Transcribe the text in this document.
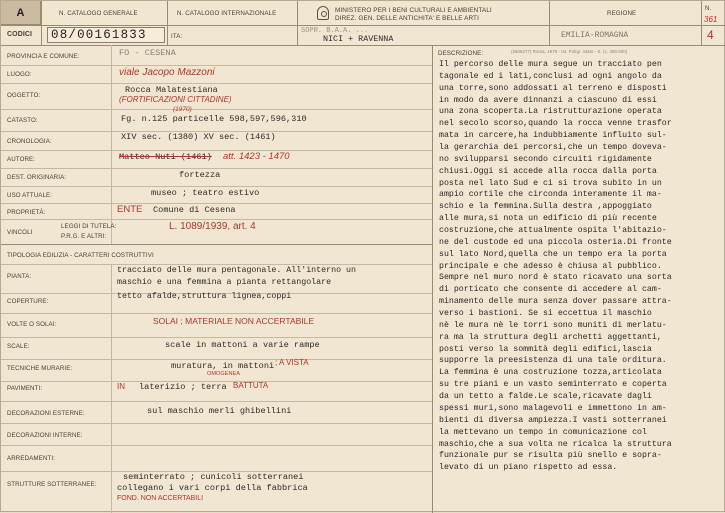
A	N. CATALOGO GENERALE	N. CATALOGO INTERNAZIONALE	MINISTERO PER I BENI CULTURALI E AMBIENTALI
DIREZ. GEN. DELLE ANTICHITA' E BELLE ARTI
REGIONE
N.
361
CODICI	08/00161833	ITA:
SOPR. B.A.A. ...
NICI + RAVENNA	EMILIA-ROMAGNA	4
PROVINCIA E COMUNE:	FO - CESENA
LUOGO:	viale Jacopo Mazzoni
OGGETTO:
Rocca Malatestiana
(FORTIFICAZIONI CITTADINE)
CATASTO:	Fg. n.125 particelle 598,597,596,310
(1970)
CRONOLOGIA:	XIV sec. (1380) XV sec. (1461)
AUTORE:	Matteo Nuti (1461) att. 1423 - 1470
DEST. ORIGINARIA:	fortezza
USO ATTUALE:	museo ; teatro estivo
PROPRIETÀ:	ENTE Comune di Cesena
VINCOLI
LEGGI DI TUTELA:
P.R.G. E ALTRI:
L. 1089/1939, art. 4
TIPOLOGIA EDILIZIA - CARATTERI COSTRUTTIVI
PIANTA:
tracciato delle mura pentagonale. All'interno un
maschio e una femmina a pianta rettangolare
COPERTURE:
tetto afalde,struttura lignea,coppi
VOLTE O SOLAI:	SOLAI ; MATERIALE NON ACCERTABILE
SCALE:	scale in mattoni a varie rampe
TECNICHE MURARIE:	muratura, in mattoni ; A VISTA
OMOGENEA
PAVIMENTI:	IN laterizio ; terra BATTUTA
DECORAZIONI ESTERNE:	sul maschio merli ghibellini
DECORAZIONI INTERNE:
ARREDAMENTI:
STRUTTURE SOTTERRANEE:
seminterrato ; cunicoli sotterranei
collegano i vari corpi della fabbrica
FOND. NON ACCERTABILI
DESCRIZIONE:	(2605277) Roma, 1975 - Ist. Polígr. Stato - S. (c. 400.000)
Il percorso delle mura segue un tracciato pen
tagonale ed i lati,conclusi ad ogni angolo da
una torre,sono addossati al terreno e disposti
in modo da avere dinnanzi a ciascuno di essi
una zona scoperta.La ristrutturazione operata
nel secolo scorso,quando la rocca venne trasfor
mata in carcere,ha indubbiamente influito sul-
la gerarchia dei percorsi,che un tempo doveva-
no svilupparsi secondo circuiti rigidamente
chiusi.Oggi si accede alla rocca dalla porta
posta nel lato Sud e ci si trova subito in un
ampio cortile che circonda interamente il ma-
schio e la femmina.Sulla destra ,appoggiato
alle mura,si nota un edificio di più recente
costruzione,che attualmente ospita l'abitazio-
ne del custode ed una piccola osteria.Di fronte
sul lato Nord,quella che un tempo era la porta
principale e che adesso è chiusa al pubblico.
Sempre nel muro nord è stato ricavato una sorta
di porticato che consente di accedere al cam-
minamento delle mura senza dover passare attra-
verso i bastioni. Se si eccettua il maschio
nè le mura nè le torri sono muniti di merlatu-
ra ma la struttura degli archetti aggettanti,
posti verso la sommità degli edifici,lascia
supporre la preesistenza di una tale orditura.
La femmina è una costruzione tozza,articolata
su tre piani e un vasto seminterrato e coperta
da un tetto a falde.Le scale,ricavate dagli
spessi muri,sono malagevoli e immettono in am-
bienti di diversa ampiezza.I vasti sotterranei
la mettevano un tempo in comunicazione col
maschio,che a sua volta ne ricalca la struttura
funzionale pur se risulta più snello e sopra-
levato di un piano rispetto ad essa.
